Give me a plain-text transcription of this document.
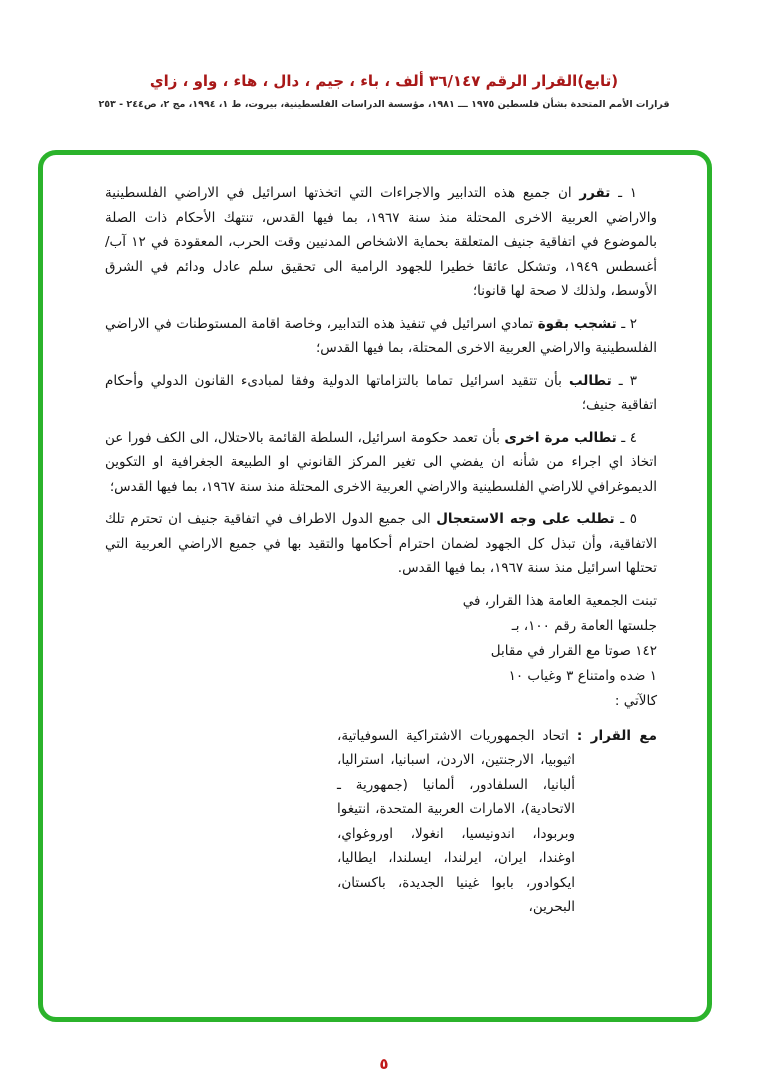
(تابع)القرار الرقم ٣٦/١٤٧ ألف ، باء ، جيم ، دال ، هاء ، واو ، زاي
قرارات الأمم المتحدة بشأن فلسطين ١٩٧٥ ـــ ١٩٨١، مؤسسة الدراسات الفلسطينية، بيروت، ط ١، ١٩٩٤، مج ٢، ص٢٤٤ - ٢٥٣

١ ـ تقرر ان جميع هذه التدابير والاجراءات التي اتخذتها اسرائيل في الاراضي الفلسطينية والاراضي العربية الاخرى المحتلة منذ سنة ١٩٦٧، بما فيها القدس، تنتهك الأحكام ذات الصلة بالموضوع في اتفاقية جنيف المتعلقة بحماية الاشخاص المدنيين وقت الحرب، المعقودة في ١٢ آب/أغسطس ١٩٤٩، وتشكل عائقا خطيرا للجهود الرامية الى تحقيق سلم عادل ودائم في الشرق الأوسط، ولذلك لا صحة لها قانونا؛

٢ ـ تشجب بقوة تمادي اسرائيل في تنفيذ هذه التدابير، وخاصة اقامة المستوطنات في الاراضي الفلسطينية والاراضي العربية الاخرى المحتلة، بما فيها القدس؛

٣ ـ تطالب بأن تتقيد اسرائيل تماما بالتزاماتها الدولية وفقا لمبادىء القانون الدولي وأحكام اتفاقية جنيف؛

٤ ـ تطالب مرة اخرى بأن تعمد حكومة اسرائيل، السلطة القائمة بالاحتلال، الى الكف فورا عن اتخاذ اي اجراء من شأنه ان يفضي الى تغير المركز القانوني او الطبيعة الجغرافية او التكوين الديموغرافي للاراضي الفلسطينية والاراضي العربية الاخرى المحتلة منذ سنة ١٩٦٧، بما فيها القدس؛

٥ ـ تطلب على وجه الاستعجال الى جميع الدول الاطراف في اتفاقية جنيف ان تحترم تلك الاتفاقية، وأن تبذل كل الجهود لضمان احترام أحكامها والتقيد بها في جميع الاراضي العربية التي تحتلها اسرائيل منذ سنة ١٩٦٧، بما فيها القدس.

تبنت الجمعية العامة هذا القرار، في
جلستها العامة رقم ١٠٠، بـ
١٤٢ صوتا مع القرار في مقابل
١ ضده وامتناع ٣ وغياب ١٠
كالآتي :

مع القرار : اتحاد الجمهوريات الاشتراكية السوفياتية، اثيوبيا، الارجنتين، الاردن، اسبانيا، استراليا، ألبانيا، السلفادور، ألمانيا (جمهورية ـ الاتحادية)، الامارات العربية المتحدة، انتيغوا وبربودا، اندونيسيا، انغولا، اوروغواي، اوغندا، ايران، ايرلندا، ايسلندا، ايطاليا، ايكوادور، بابوا غينيا الجديدة، باكستان، البحرين،

٥
